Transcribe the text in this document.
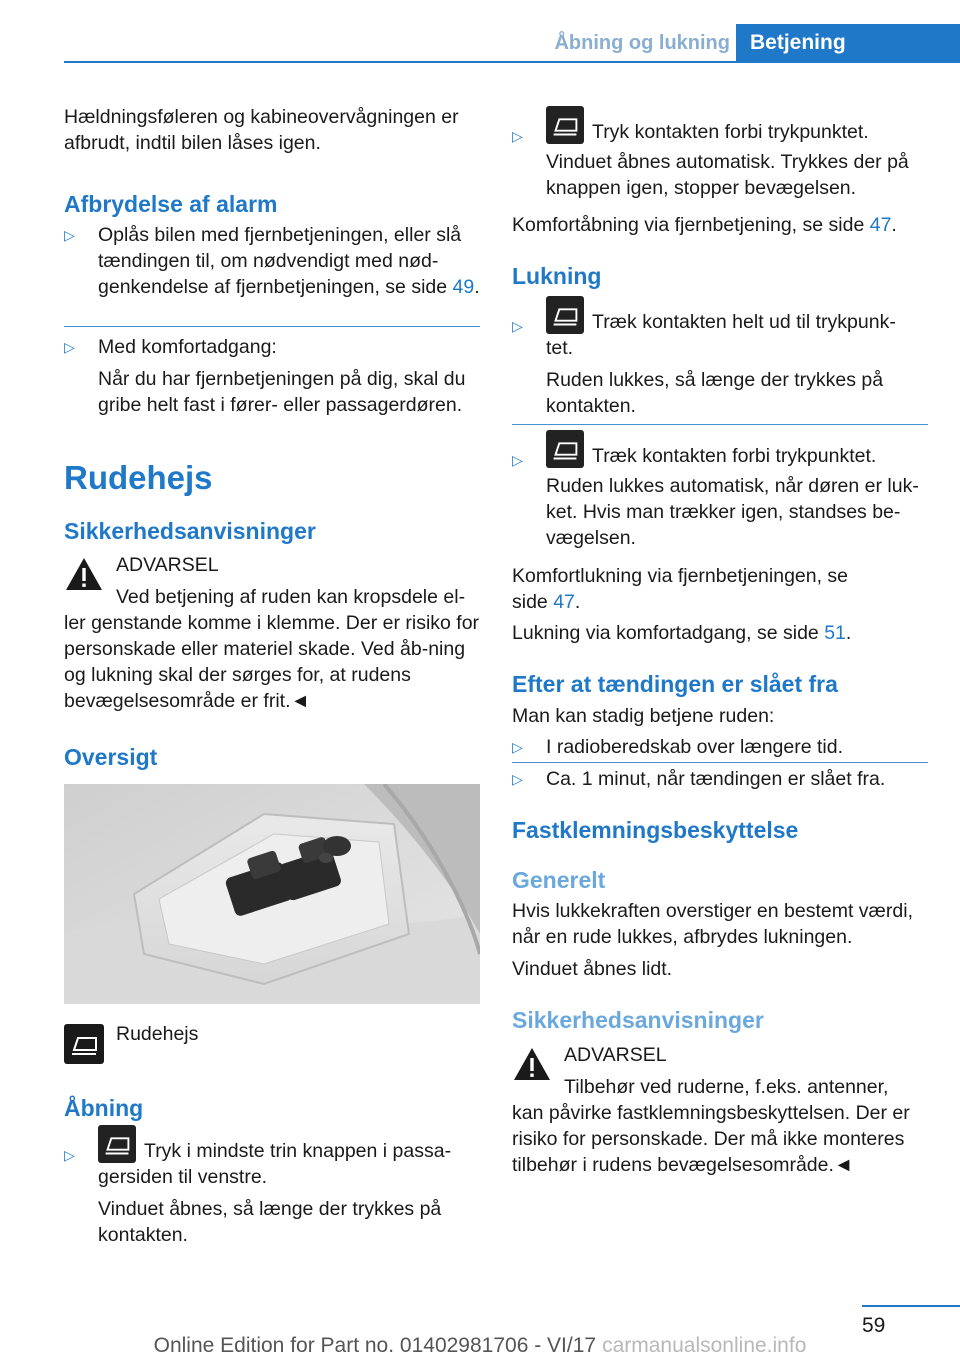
Åbning og lukning Betjening

Hældningsføleren og kabineovervågningen er afbrudt, indtil bilen låses igen.

Afbrydelse af alarm
▷ Oplås bilen med fjernbetjeningen, eller slå tændingen til, om nødvendigt med nød-genkendelse af fjernbetjeningen, se side 49.

▷ Med komfortadgang:

Når du har fjernbetjeningen på dig, skal du gribe helt fast i fører- eller passagerdøren.

Rudehejs
Sikkerhedsanvisninger

ADVARSEL

Ved betjening af ruden kan kropsdele el-

ler genstande komme i klemme. Der er risiko for personskade eller materiel skade. Ved åb-ning og lukning skal der sørges for, at rudens bevægelsesområde er frit.◄

Oversigt

Rudehejs

Åbning
▷	Tryk i mindste trin knappen i passa-

gersiden til venstre.

Vinduet åbnes, så længe der trykkes på kontakten.

▷	Tryk kontakten forbi trykpunktet.

Vinduet åbnes automatisk. Trykkes der på knappen igen, stopper bevægelsen.

Komfortåbning via fjernbetjening, se side 47.

Lukning
▷	Træk kontakten helt ud til trykpunk-

tet.

Ruden lukkes, så længe der trykkes på kontakten.

▷	Træk kontakten forbi trykpunktet.

Ruden lukkes automatisk, når døren er luk-ket. Hvis man trækker igen, standses be-vægelsen.

Komfortlukning via fjernbetjeningen, se side 47.

Lukning via komfortadgang, se side 51.

Efter at tændingen er slået fra

Man kan stadig betjene ruden:

▷ I radioberedskab over længere tid.

▷ Ca. 1 minut, når tændingen er slået fra.

Fastklemningsbeskyttelse
Generelt

Hvis lukkekraften overstiger en bestemt værdi, når en rude lukkes, afbrydes lukningen.

Vinduet åbnes lidt.

Sikkerhedsanvisninger

ADVARSEL

Tilbehør ved ruderne, f.eks. antenner,

kan påvirke fastklemningsbeskyttelsen. Der er risiko for personskade. Der må ikke monteres tilbehør i rudens bevægelsesområde.◄

59
Online Edition for Part no. 01402981706 - VI/17 carmanualsonline.info
